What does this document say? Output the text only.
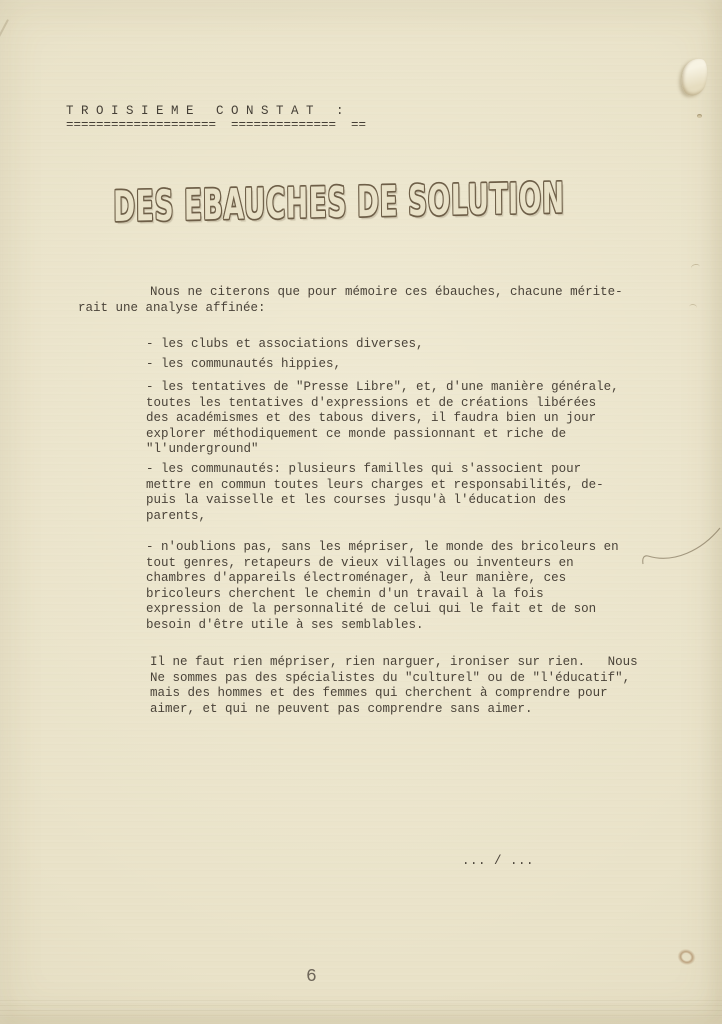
T R O I S I E M E   C O N S T A T   :
====================  ==============  ==
DES EBAUCHES DE SOLUTION
Nous ne citerons que pour mémoire ces ébauches, chacune mérite-
rait une analyse affinée:
- les clubs et associations diverses,
- les communautés hippies,
- les tentatives de "Presse Libre", et, d'une manière générale,
toutes les tentatives d'expressions et de créations libérées
des académismes et des tabous divers, il faudra bien un jour
explorer méthodiquement ce monde passionnant et riche de
"l'underground"
- les communautés: plusieurs familles qui s'associent pour
mettre en commun toutes leurs charges et responsabilités, de-
puis la vaisselle et les courses jusqu'à l'éducation des
parents,
- n'oublions pas, sans les mépriser, le monde des bricoleurs en
tout genres, retapeurs de vieux villages ou inventeurs en
chambres d'appareils électroménager, à leur manière, ces
bricoleurs cherchent le chemin d'un travail à la fois
expression de la personnalité de celui qui le fait et de son
besoin d'être utile à ses semblables.
Il ne faut rien mépriser, rien narguer, ironiser sur rien.   Nous
Ne sommes pas des spécialistes du "culturel" ou de "l'éducatif",
mais des hommes et des femmes qui cherchent à comprendre pour
aimer, et qui ne peuvent pas comprendre sans aimer.
... / ...
6
